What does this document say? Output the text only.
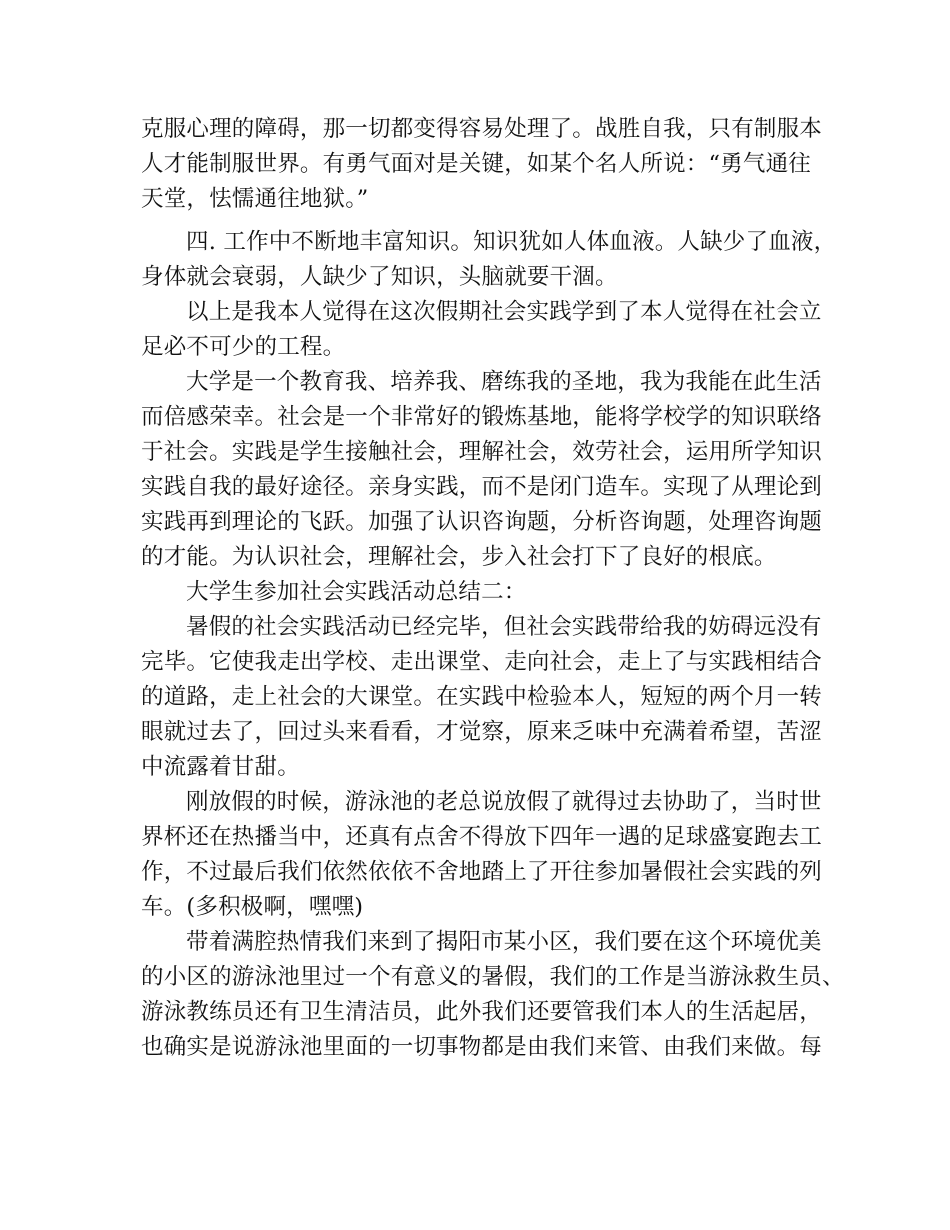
克服心理的障碍，那一切都变得容易处理了。战胜自我，只有制服本
人才能制服世界。有勇气面对是关键，如某个名人所说：“勇气通往
天堂，怯懦通往地狱。”
四. 工作中不断地丰富知识。知识犹如人体血液。人缺少了血液，
身体就会衰弱，人缺少了知识，头脑就要干涸。
以上是我本人觉得在这次假期社会实践学到了本人觉得在社会立
足必不可少的工程。
大学是一个教育我、培养我、磨练我的圣地，我为我能在此生活
而倍感荣幸。社会是一个非常好的锻炼基地，能将学校学的知识联络
于社会。实践是学生接触社会，理解社会，效劳社会，运用所学知识
实践自我的最好途径。亲身实践，而不是闭门造车。实现了从理论到
实践再到理论的飞跃。加强了认识咨询题，分析咨询题，处理咨询题
的才能。为认识社会，理解社会，步入社会打下了良好的根底。
大学生参加社会实践活动总结二：
暑假的社会实践活动已经完毕，但社会实践带给我的妨碍远没有
完毕。它使我走出学校、走出课堂、走向社会，走上了与实践相结合
的道路，走上社会的大课堂。在实践中检验本人，短短的两个月一转
眼就过去了，回过头来看看，才觉察，原来乏味中充满着希望，苦涩
中流露着甘甜。
刚放假的时候，游泳池的老总说放假了就得过去协助了，当时世
界杯还在热播当中，还真有点舍不得放下四年一遇的足球盛宴跑去工
作，不过最后我们依然依依不舍地踏上了开往参加暑假社会实践的列
车。(多积极啊，嘿嘿)
带着满腔热情我们来到了揭阳市某小区，我们要在这个环境优美
的小区的游泳池里过一个有意义的暑假，我们的工作是当游泳救生员、
游泳教练员还有卫生清洁员，此外我们还要管我们本人的生活起居，
也确实是说游泳池里面的一切事物都是由我们来管、由我们来做。每
